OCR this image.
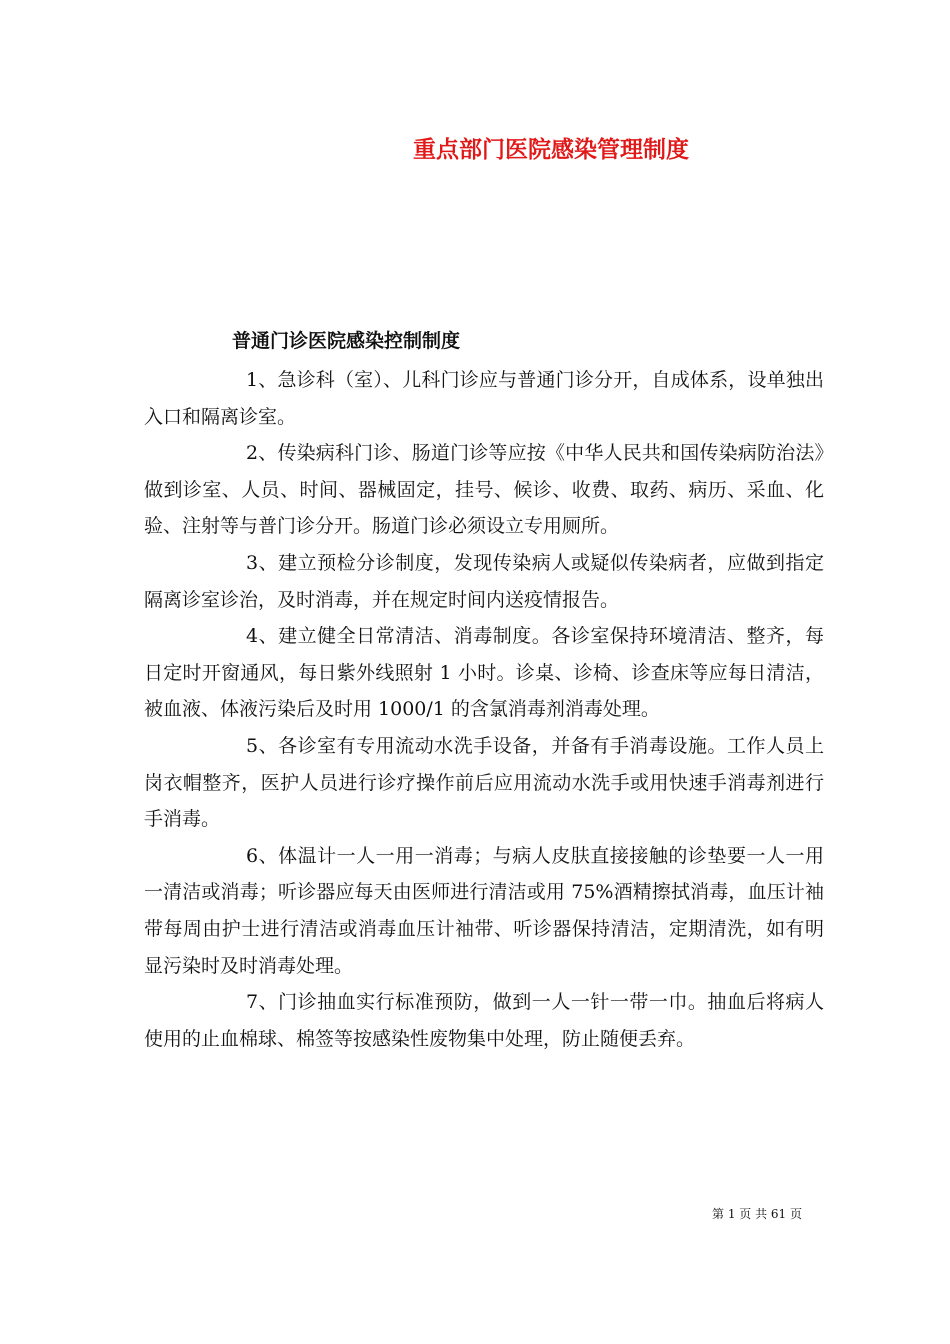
重点部门医院感染管理制度
普通门诊医院感染控制制度

1、急诊科（室）、儿科门诊应与普通门诊分开，自成体系，设单独出入口和隔离诊室。

2、传染病科门诊、肠道门诊等应按《中华人民共和国传染病防治法》做到诊室、人员、时间、器械固定，挂号、候诊、收费、取药、病历、采血、化验、注射等与普门诊分开。肠道门诊必须设立专用厕所。

3、建立预检分诊制度，发现传染病人或疑似传染病者，应做到指定隔离诊室诊治，及时消毒，并在规定时间内送疫情报告。

4、建立健全日常清洁、消毒制度。各诊室保持环境清洁、整齐，每日定时开窗通风，每日紫外线照射 1 小时。诊桌、诊椅、诊查床等应每日清洁，被血液、体液污染后及时用 1000/1 的含氯消毒剂消毒处理。

5、各诊室有专用流动水洗手设备，并备有手消毒设施。工作人员上岗衣帽整齐，医护人员进行诊疗操作前后应用流动水洗手或用快速手消毒剂进行手消毒。

6、体温计一人一用一消毒；与病人皮肤直接接触的诊垫要一人一用一清洁或消毒；听诊器应每天由医师进行清洁或用 75%酒精擦拭消毒，血压计袖带每周由护士进行清洁或消毒血压计袖带、听诊器保持清洁，定期清洗，如有明显污染时及时消毒处理。

7、门诊抽血实行标准预防，做到一人一针一带一巾。抽血后将病人使用的止血棉球、棉签等按感染性废物集中处理，防止随便丢弃。

第 1 页 共 61 页
